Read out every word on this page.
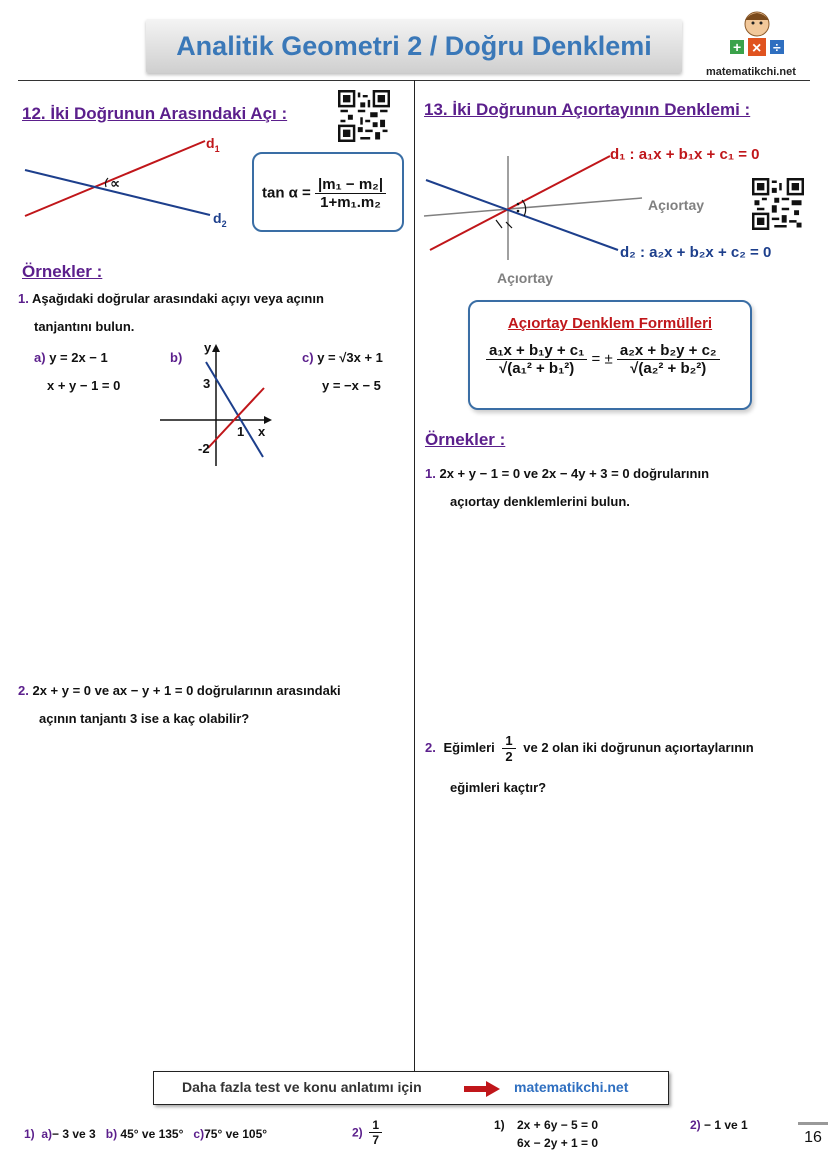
Analitik Geometri 2 / Doğru Denklemi	+ × ÷
matematikchi.net
12. İki Doğrunun Arasındaki Açı :
$d_1$
$d_2$
∝
$\tan \alpha = \frac{\text{|m₁ − m₂|}}{\text{1+m₁.m₂}}$
Örnekler :
1. Aşağıdaki doğrular arasındaki açıyı veya açının
tanjantını bulun.
a) y = 2x − 1
x + y − 1 = 0
b)
y
x
3
-2
1
c) y = √3x + 1
y = −x − 5
2. 2x + y = 0 ve ax − y + 1 = 0 doğrularının arasındaki
açının tanjantı 3 ise a kaç olabilir?
13. İki Doğrunun Açıortayının Denklemi :
d₁ : a₁x + b₁x + c₁ = 0
d₂ : a₂x + b₂x + c₂ = 0
Açıortay
Açıortay
Açıortay Denklem Formülleri
$\frac{\text{a₁x + b₁y + c₁}}{\text{√(a₁² + b₁²)}}$ = ± $\frac{\text{a₂x + b₂y + c₂}}{\text{√(a₂² + b₂²)}}$
Örnekler :
1. 2x + y − 1 = 0 ve 2x − 4y + 3 = 0 doğrularının
açıortay denklemlerini bulun.
2. Eğimleri $\frac{1}{2}$ ve 2 olan iki doğrunun açıortaylarının
eğimleri kaçtır?
Daha fazla test ve konu anlatımı için	matematikchi.net
1) a)− 3 ve 3 b) 45° ve 135° c)75° ve 105°	$2) \frac{1}{7}$	1) 2x + 6y − 5 = 0
6x − 2y + 1 = 0
2) − 1 ve 1
16
